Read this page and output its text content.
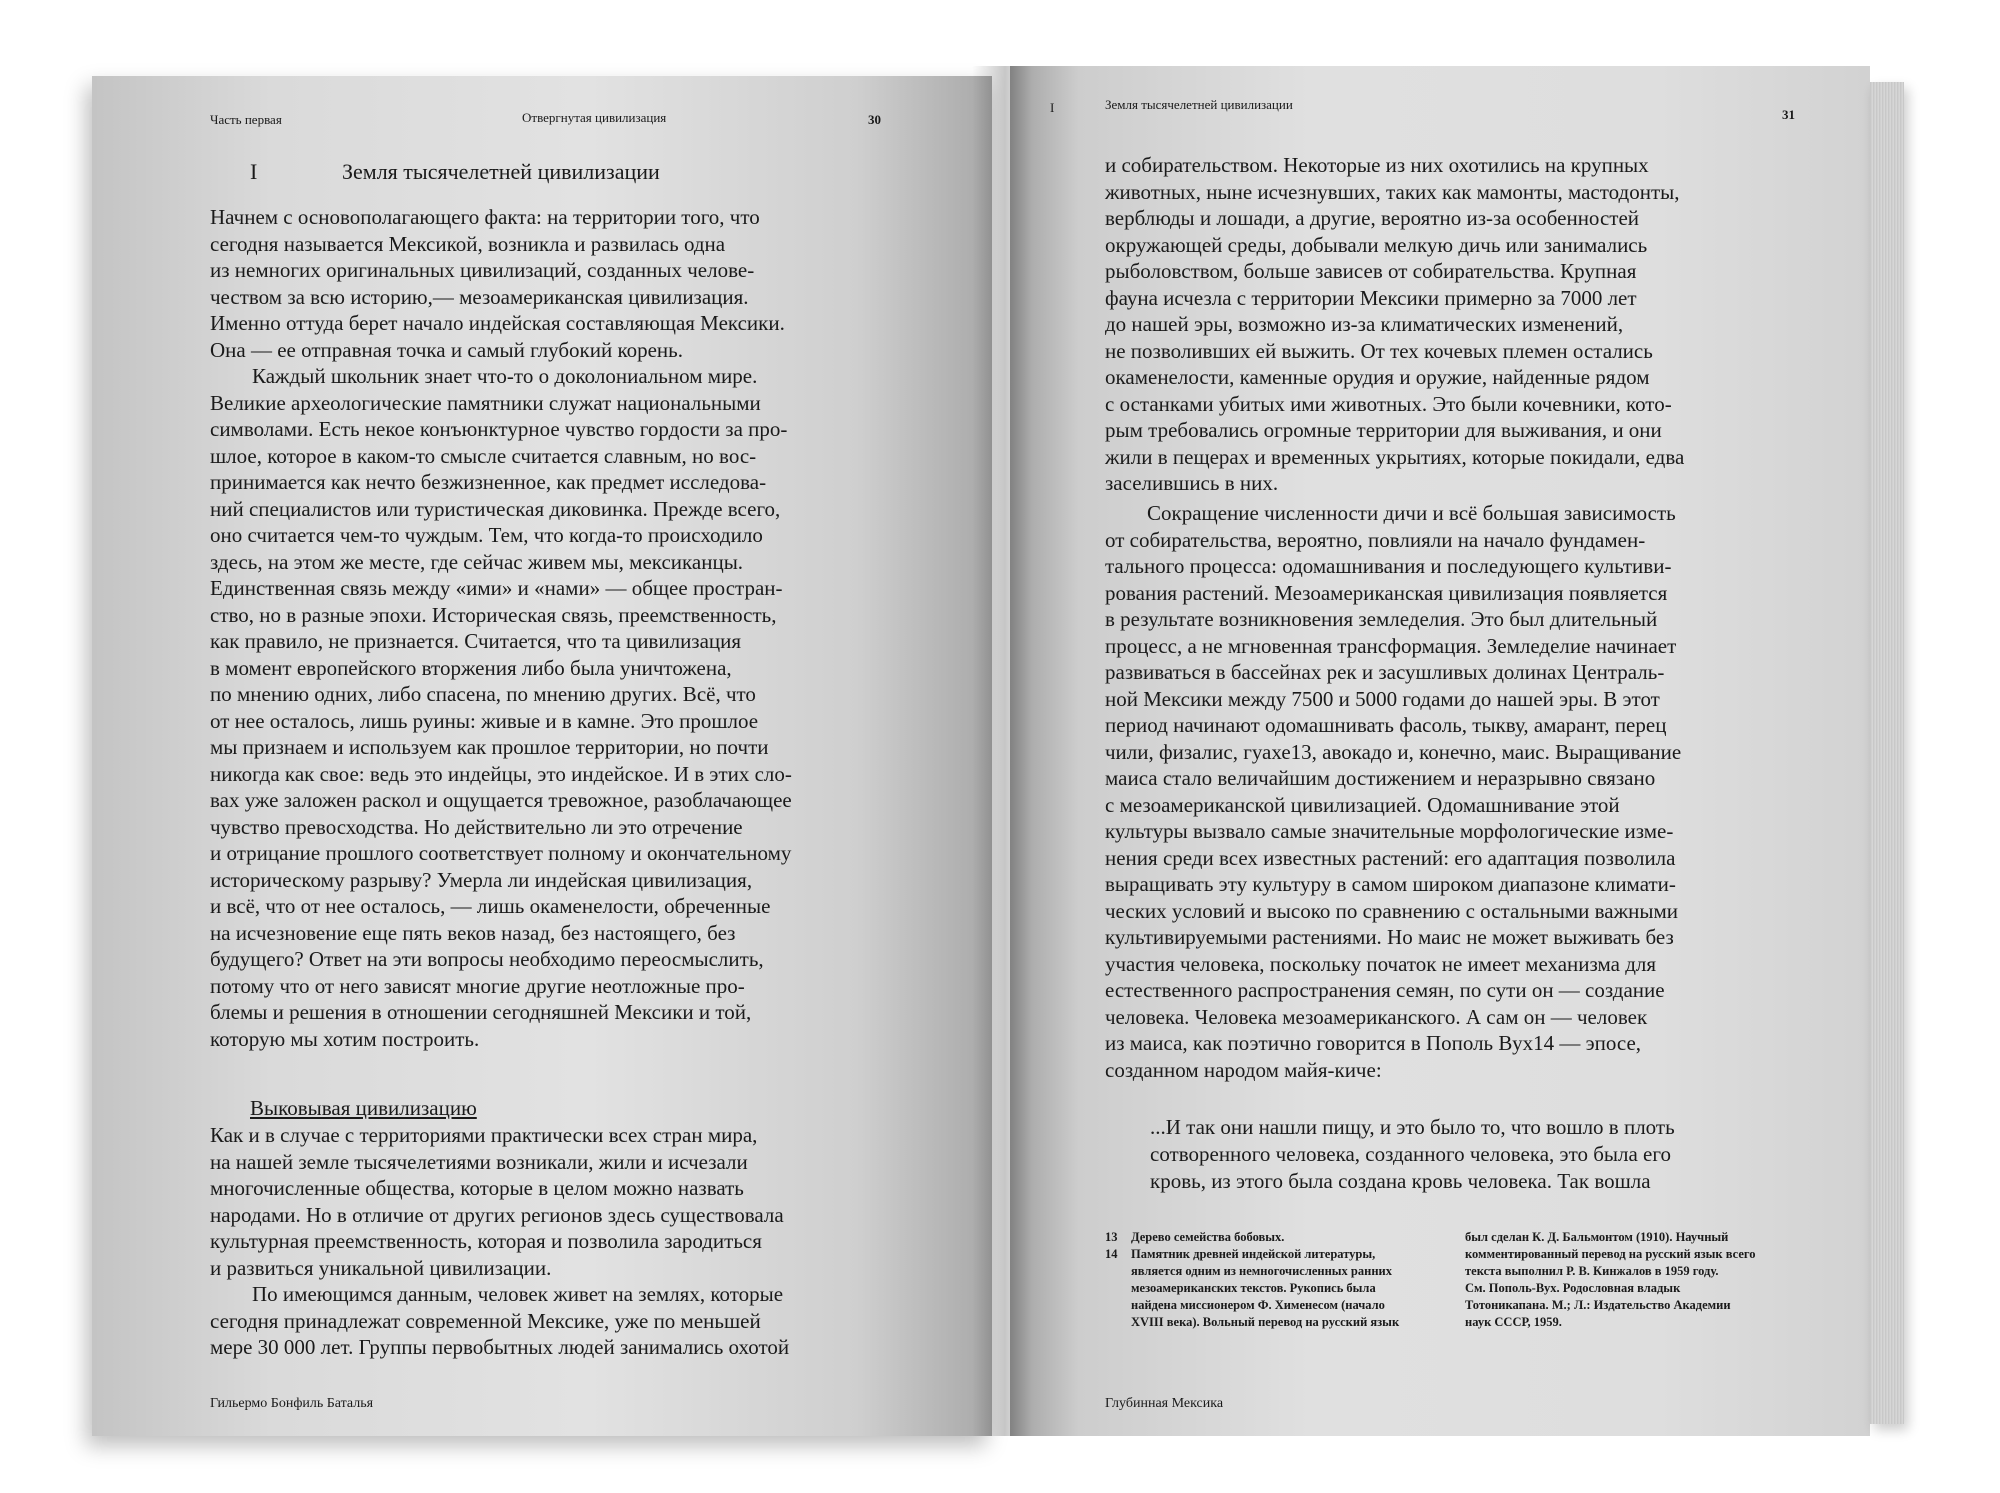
Часть первая	Отвергнутая цивилизация	30
I	Земля тысячелетней цивилизации

Начнем с основополагающего факта: на территории того, что

сегодня называется Мексикой, возникла и развилась одна

из немногих оригинальных цивилизаций, созданных челове-

чеством за всю историю,— мезоамериканская цивилизация.

Именно оттуда берет начало индейская составляющая Мексики.

Она — ее отправная точка и самый глубокий корень.

Каждый школьник знает что-то о доколониальном мире.

Великие археологические памятники служат национальными

символами. Есть некое конъюнктурное чувство гордости за про-

шлое, которое в каком-то смысле считается славным, но вос-

принимается как нечто безжизненное, как предмет исследова-

ний специалистов или туристическая диковинка. Прежде всего,

оно считается чем-то чуждым. Тем, что когда-то происходило

здесь, на этом же месте, где сейчас живем мы, мексиканцы.

Единственная связь между «ими» и «нами» — общее простран-

ство, но в разные эпохи. Историческая связь, преемственность,

как правило, не признается. Считается, что та цивилизация

в момент европейского вторжения либо была уничтожена,

по мнению одних, либо спасена, по мнению других. Всё, что

от нее осталось, лишь руины: живые и в камне. Это прошлое

мы признаем и используем как прошлое территории, но почти

никогда как свое: ведь это индейцы, это индейское. И в этих сло-

вах уже заложен раскол и ощущается тревожное, разоблачающее

чувство превосходства. Но действительно ли это отречение

и отрицание прошлого соответствует полному и окончательному

историческому разрыву? Умерла ли индейская цивилизация,

и всё, что от нее осталось, — лишь окаменелости, обреченные

на исчезновение еще пять веков назад, без настоящего, без

будущего? Ответ на эти вопросы необходимо переосмыслить,

потому что от него зависят многие другие неотложные про-

блемы и решения в отношении сегодняшней Мексики и той,

которую мы хотим построить.

Выковывая цивилизацию

Как и в случае с территориями практически всех стран мира,

на нашей земле тысячелетиями возникали, жили и исчезали

многочисленные общества, которые в целом можно назвать

народами. Но в отличие от других регионов здесь существовала

культурная преемственность, которая и позволила зародиться

и развиться уникальной цивилизации.

По имеющимся данным, человек живет на землях, которые

сегодня принадлежат современной Мексике, уже по меньшей

мере 30 000 лет. Группы первобытных людей занимались охотой

Гильермо Бонфиль Баталья
I	Земля тысячелетней цивилизации
31

и собирательством. Некоторые из них охотились на крупных

животных, ныне исчезнувших, таких как мамонты, мастодонты,

верблюды и лошади, а другие, вероятно из-за особенностей

окружающей среды, добывали мелкую дичь или занимались

рыболовством, больше зависев от собирательства. Крупная

фауна исчезла с территории Мексики примерно за 7000 лет

до нашей эры, возможно из-за климатических изменений,

не позволивших ей выжить. От тех кочевых племен остались

окаменелости, каменные орудия и оружие, найденные рядом

с останками убитых ими животных. Это были кочевники, кото-

рым требовались огромные территории для выживания, и они

жили в пещерах и временных укрытиях, которые покидали, едва

заселившись в них.

Сокращение численности дичи и всё большая зависимость

от собирательства, вероятно, повлияли на начало фундамен-

тального процесса: одомашнивания и последующего культиви-

рования растений. Мезоамериканская цивилизация появляется

в результате возникновения земледелия. Это был длительный

процесс, а не мгновенная трансформация. Земледелие начинает

развиваться в бассейнах рек и засушливых долинах Централь-

ной Мексики между 7500 и 5000 годами до нашей эры. В этот

период начинают одомашнивать фасоль, тыкву, амарант, перец

чили, физалис, гуахе13, авокадо и, конечно, маис. Выращивание

маиса стало величайшим достижением и неразрывно связано

с мезоамериканской цивилизацией. Одомашнивание этой

культуры вызвало самые значительные морфологические изме-

нения среди всех известных растений: его адаптация позволила

выращивать эту культуру в самом широком диапазоне климати-

ческих условий и высоко по сравнению с остальными важными

культивируемыми растениями. Но маис не может выживать без

участия человека, поскольку початок не имеет механизма для

естественного распространения семян, по сути он — создание

человека. Человека мезоамериканского. А сам он — человек

из маиса, как поэтично говорится в Пополь Вух14 — эпосе,

созданном народом майя-киче:

...И так они нашли пищу, и это было то, что вошло в плоть

сотворенного человека, созданного человека, это была его

кровь, из этого была создана кровь человека. Так вошла

13	Дерево семейства бобовых.
14	Памятник древней индейской литературы,
является одним из немногочисленных ранних
мезоамериканских текстов. Рукопись была
найдена миссионером Ф. Хименесом (начало
XVIII века). Вольный перевод на русский язык

был сделан К. Д. Бальмонтом (1910). Научный

комментированный перевод на русский язык всего

текста выполнил Р. В. Кинжалов в 1959 году.

См. Пополь-Вух. Родословная владык

Тотоникапана. М.; Л.: Издательство Академии

наук СССР, 1959.

Глубинная Мексика
